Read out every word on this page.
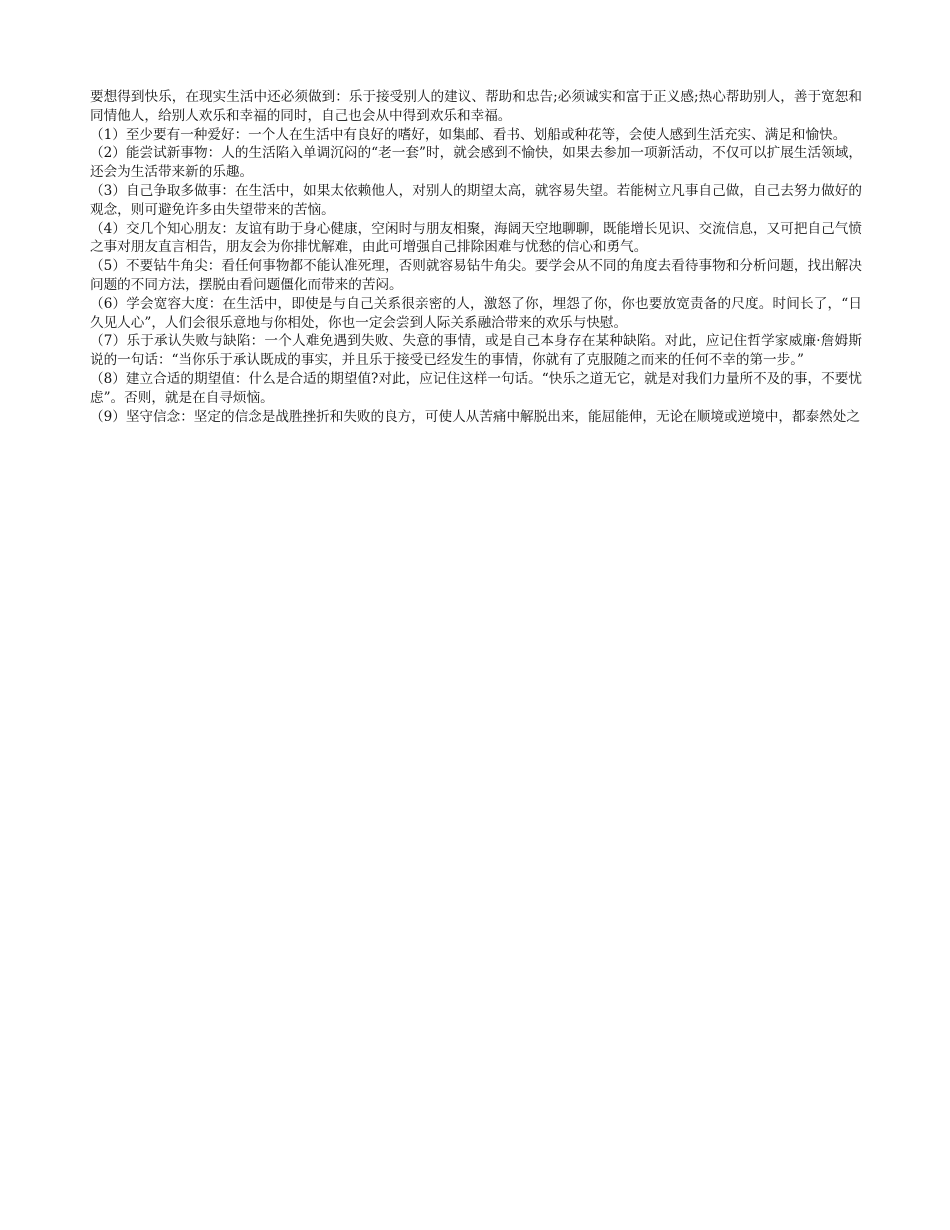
要想得到快乐，在现实生活中还必须做到：乐于接受别人的建议、帮助和忠告;必须诚实和富于正义感;热心帮助别人，善于宽恕和同情他人，给别人欢乐和幸福的同时，自己也会从中得到欢乐和幸福。

（1）至少要有一种爱好：一个人在生活中有良好的嗜好，如集邮、看书、划船或种花等，会使人感到生活充实、满足和愉快。

（2）能尝试新事物：人的生活陷入单调沉闷的“老一套”时，就会感到不愉快，如果去参加一项新活动，不仅可以扩展生活领域，还会为生活带来新的乐趣。

（3）自己争取多做事：在生活中，如果太依赖他人，对别人的期望太高，就容易失望。若能树立凡事自己做，自己去努力做好的观念，则可避免许多由失望带来的苦恼。

（4）交几个知心朋友：友谊有助于身心健康，空闲时与朋友相聚，海阔天空地聊聊，既能增长见识、交流信息，又可把自己气愤之事对朋友直言相告，朋友会为你排忧解难，由此可增强自己排除困难与忧愁的信心和勇气。

（5）不要钻牛角尖：看任何事物都不能认准死理，否则就容易钻牛角尖。要学会从不同的角度去看待事物和分析问题，找出解决问题的不同方法，摆脱由看问题僵化而带来的苦闷。

（6）学会宽容大度：在生活中，即使是与自己关系很亲密的人，激怒了你，埋怨了你，你也要放宽责备的尺度。时间长了，“日久见人心”，人们会很乐意地与你相处，你也一定会尝到人际关系融洽带来的欢乐与快慰。

（7）乐于承认失败与缺陷：一个人难免遇到失败、失意的事情，或是自己本身存在某种缺陷。对此，应记住哲学家威廉·詹姆斯说的一句话：“当你乐于承认既成的事实，并且乐于接受已经发生的事情，你就有了克服随之而来的任何不幸的第一步。”

（8）建立合适的期望值：什么是合适的期望值?对此，应记住这样一句话。“快乐之道无它，就是对我们力量所不及的事，不要忧虑”。否则，就是在自寻烦恼。

（9）坚守信念：坚定的信念是战胜挫折和失败的良方，可使人从苦痛中解脱出来，能屈能伸，无论在顺境或逆境中，都泰然处之
